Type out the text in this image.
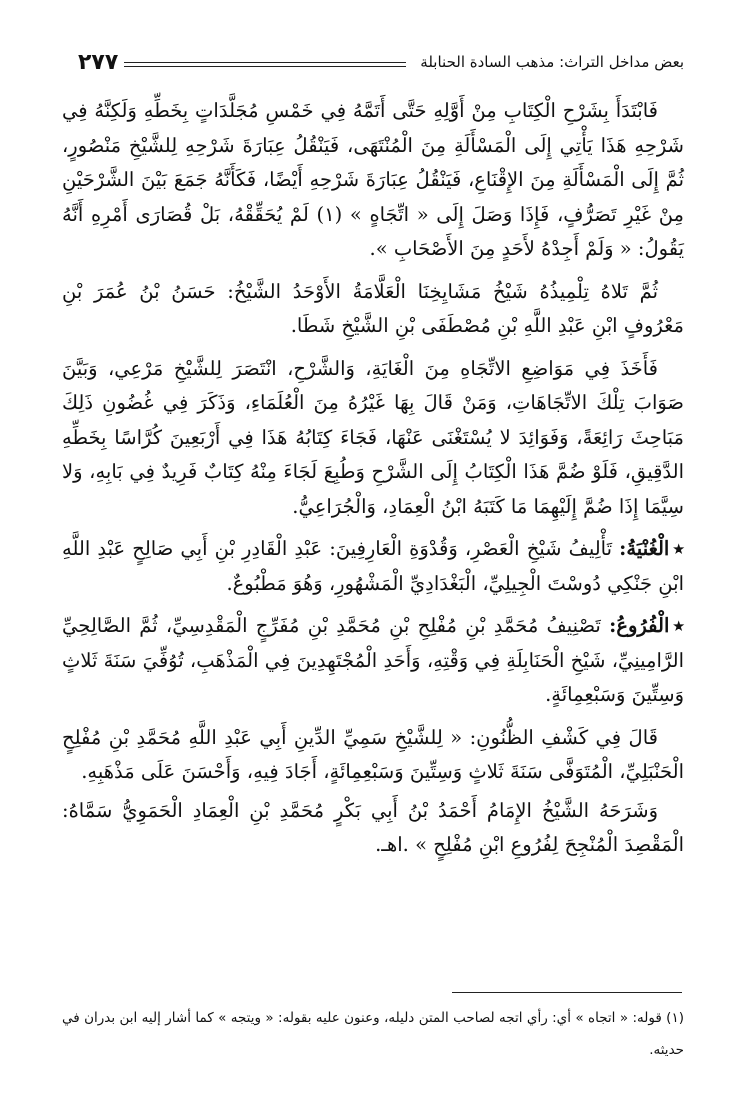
بعض مداخل التراث: مذهب السادة الحنابلة
٢٧٧

فَابْتَدَأَ بِشَرْحِ الْكِتَابِ مِنْ أَوَّلِهِ حَتَّى أَتَمَّهُ فِي خَمْسِ مُجَلَّدَاتٍ بِخَطِّهِ وَلَكِنَّهُ فِي شَرْحِهِ هَذَا يَأْتِي إِلَى الْمَسْأَلَةِ مِنَ الْمُنْتَهَى، فَيَنْقُلُ عِبَارَةَ شَرْحِهِ لِلشَّيْخِ مَنْصُورٍ، ثُمَّ إِلَى الْمَسْأَلَةِ مِنَ الإِقْنَاعِ، فَيَنْقُلُ عِبَارَةَ شَرْحِهِ أَيْضًا، فَكَأَنَّهُ جَمَعَ بَيْنَ الشَّرْحَيْنِ مِنْ غَيْرِ تَصَرُّفٍ، فَإِذَا وَصَلَ إِلَى « اتِّجَاهٍ » (١) لَمْ يُحَقِّقْهُ، بَلْ قُصَارَى أَمْرِهِ أَنَّهُ يَقُولُ: « وَلَمْ أَجِدْهُ لأَحَدٍ مِنَ الأَصْحَابِ ».

ثُمَّ تَلاهُ تِلْمِيذُهُ شَيْخُ مَشَايِخِنَا الْعَلَّامَةُ الأَوْحَدُ الشَّيْخُ: حَسَنُ بْنُ عُمَرَ بْنِ مَعْرُوفٍ ابْنِ عَبْدِ اللَّهِ بْنِ مُصْطَفَى بْنِ الشَّيْخِ شَطَا.

فَأَخَذَ فِي مَوَاضِعِ الاتِّجَاهِ مِنَ الْغَايَةِ، وَالشَّرْحِ، انْتَصَرَ لِلشَّيْخِ مَرْعِي، وَبَيَّنَ صَوَابَ تِلْكَ الاتِّجَاهَاتِ، وَمَنْ قَالَ بِهَا غَيْرُهُ مِنَ الْعُلَمَاءِ، وَذَكَرَ فِي غُضُونِ ذَلِكَ مَبَاحِثَ رَائِعَةً، وَفَوَائِدَ لا يُسْتَغْنَى عَنْهَا، فَجَاءَ كِتَابُهُ هَذَا فِي أَرْبَعِينَ كُرَّاسًا بِخَطِّهِ الدَّقِيقِ، فَلَوْ ضُمَّ هَذَا الْكِتَابُ إِلَى الشَّرْحِ وَطُبِعَ لَجَاءَ مِنْهُ كِتَابٌ فَرِيدٌ فِي بَابِهِ، وَلا سِيَّمَا إِذَا ضُمَّ إِلَيْهِمَا مَا كَتَبَهُ ابْنُ الْعِمَادِ، وَالْجُرَاعِيُّ.

٭الْغُنْيَةُ: تَأْلِيفُ شَيْخِ الْعَصْرِ، وَقُدْوَةِ الْعَارِفِينَ: عَبْدِ الْقَادِرِ بْنِ أَبِي صَالِحٍ عَبْدِ اللَّهِ ابْنِ جَنْكِي دُوسْتَ الْجِيلِيِّ، الْبَغْدَادِيِّ الْمَشْهُورِ، وَهُوَ مَطْبُوعٌ.

٭الْفُرُوعُ: تَصْنِيفُ مُحَمَّدِ بْنِ مُفْلِحِ بْنِ مُحَمَّدِ بْنِ مُفَرِّجٍ الْمَقْدِسِيِّ، ثُمَّ الصَّالِحِيِّ الرَّامِينِيِّ، شَيْخِ الْحَنَابِلَةِ فِي وَقْتِهِ، وَأَحَدِ الْمُجْتَهِدِينَ فِي الْمَذْهَبِ، تُوُفِّيَ سَنَةَ ثَلاثٍ وَسِتِّينَ وَسَبْعِمِائَةٍ.

قَالَ فِي كَشْفِ الظُّنُونِ: « لِلشَّيْخِ سَمِيِّ الدِّينِ أَبِي عَبْدِ اللَّهِ مُحَمَّدِ بْنِ مُفْلِحٍ الْحَنْبَلِيِّ، الْمُتَوَفَّى سَنَةَ ثَلاثٍ وَسِتِّينَ وَسَبْعِمِائَةٍ، أَجَادَ فِيهِ، وَأَحْسَنَ عَلَى مَذْهَبِهِ.

وَشَرَحَهُ الشَّيْخُ الإِمَامُ أَحْمَدُ بْنُ أَبِي بَكْرٍ مُحَمَّدِ بْنِ الْعِمَادِ الْحَمَوِيُّ سَمَّاهُ: الْمَقْصِدَ الْمُنْجِحَ لِفُرُوعِ ابْنِ مُفْلِحٍ » .اهـ.

(١) قوله: « اتجاه » أي: رأي اتجه لصاحب المتن دليله، وعنون عليه بقوله: « ويتجه » كما أشار إليه ابن بدران في حديثه.
